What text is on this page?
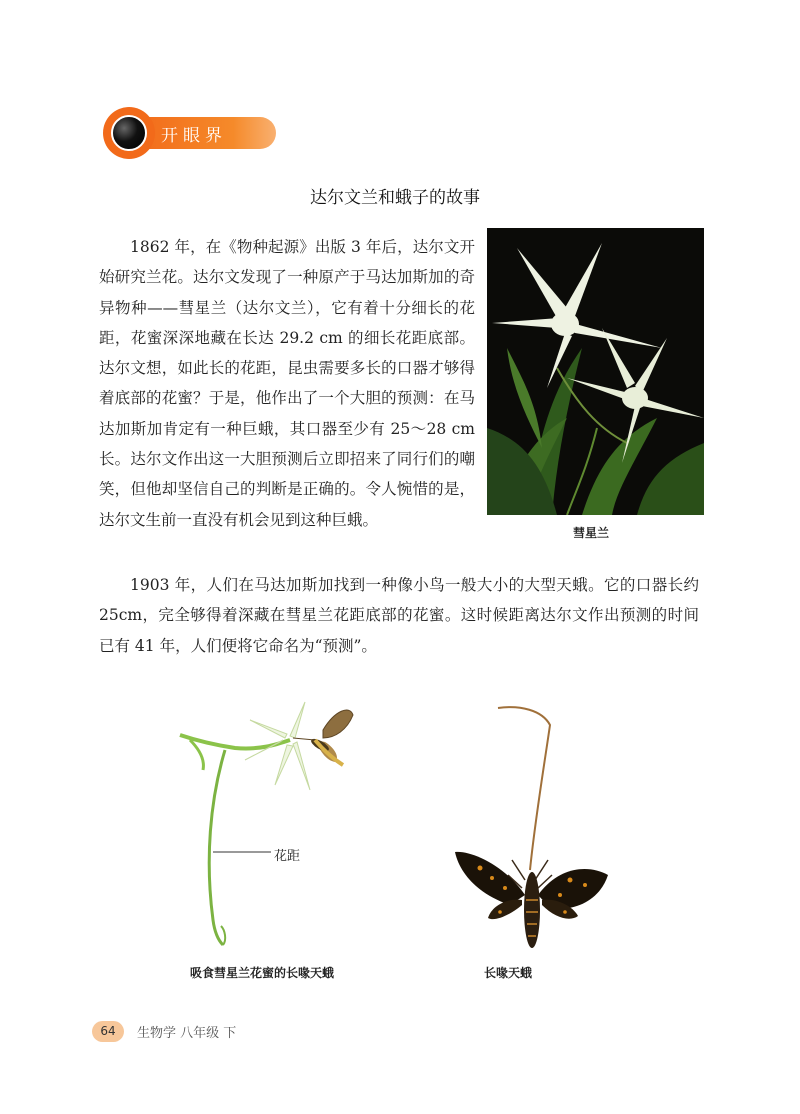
开眼界
达尔文兰和蛾子的故事

1862 年，在《物种起源》出版 3 年后，达尔文开始研究兰花。达尔文发现了一种原产于马达加斯加的奇异物种——彗星兰（达尔文兰），它有着十分细长的花距，花蜜深深地藏在长达 29.2 cm 的细长花距底部。达尔文想，如此长的花距，昆虫需要多长的口器才够得着底部的花蜜？于是，他作出了一个大胆的预测：在马达加斯加肯定有一种巨蛾，其口器至少有 25～28 cm 长。达尔文作出这一大胆预测后立即招来了同行们的嘲笑，但他却坚信自己的判断是正确的。令人惋惜的是，达尔文生前一直没有机会见到这种巨蛾。

彗星兰

1903 年，人们在马达加斯加找到一种像小鸟一般大小的大型天蛾。它的口器长约 25cm，完全够得着深藏在彗星兰花距底部的花蜜。这时候距离达尔文作出预测的时间已有 41 年，人们便将它命名为“预测”。

花距
吸食彗星兰花蜜的长喙天蛾	长喙天蛾
64	生物学 八年级 下
